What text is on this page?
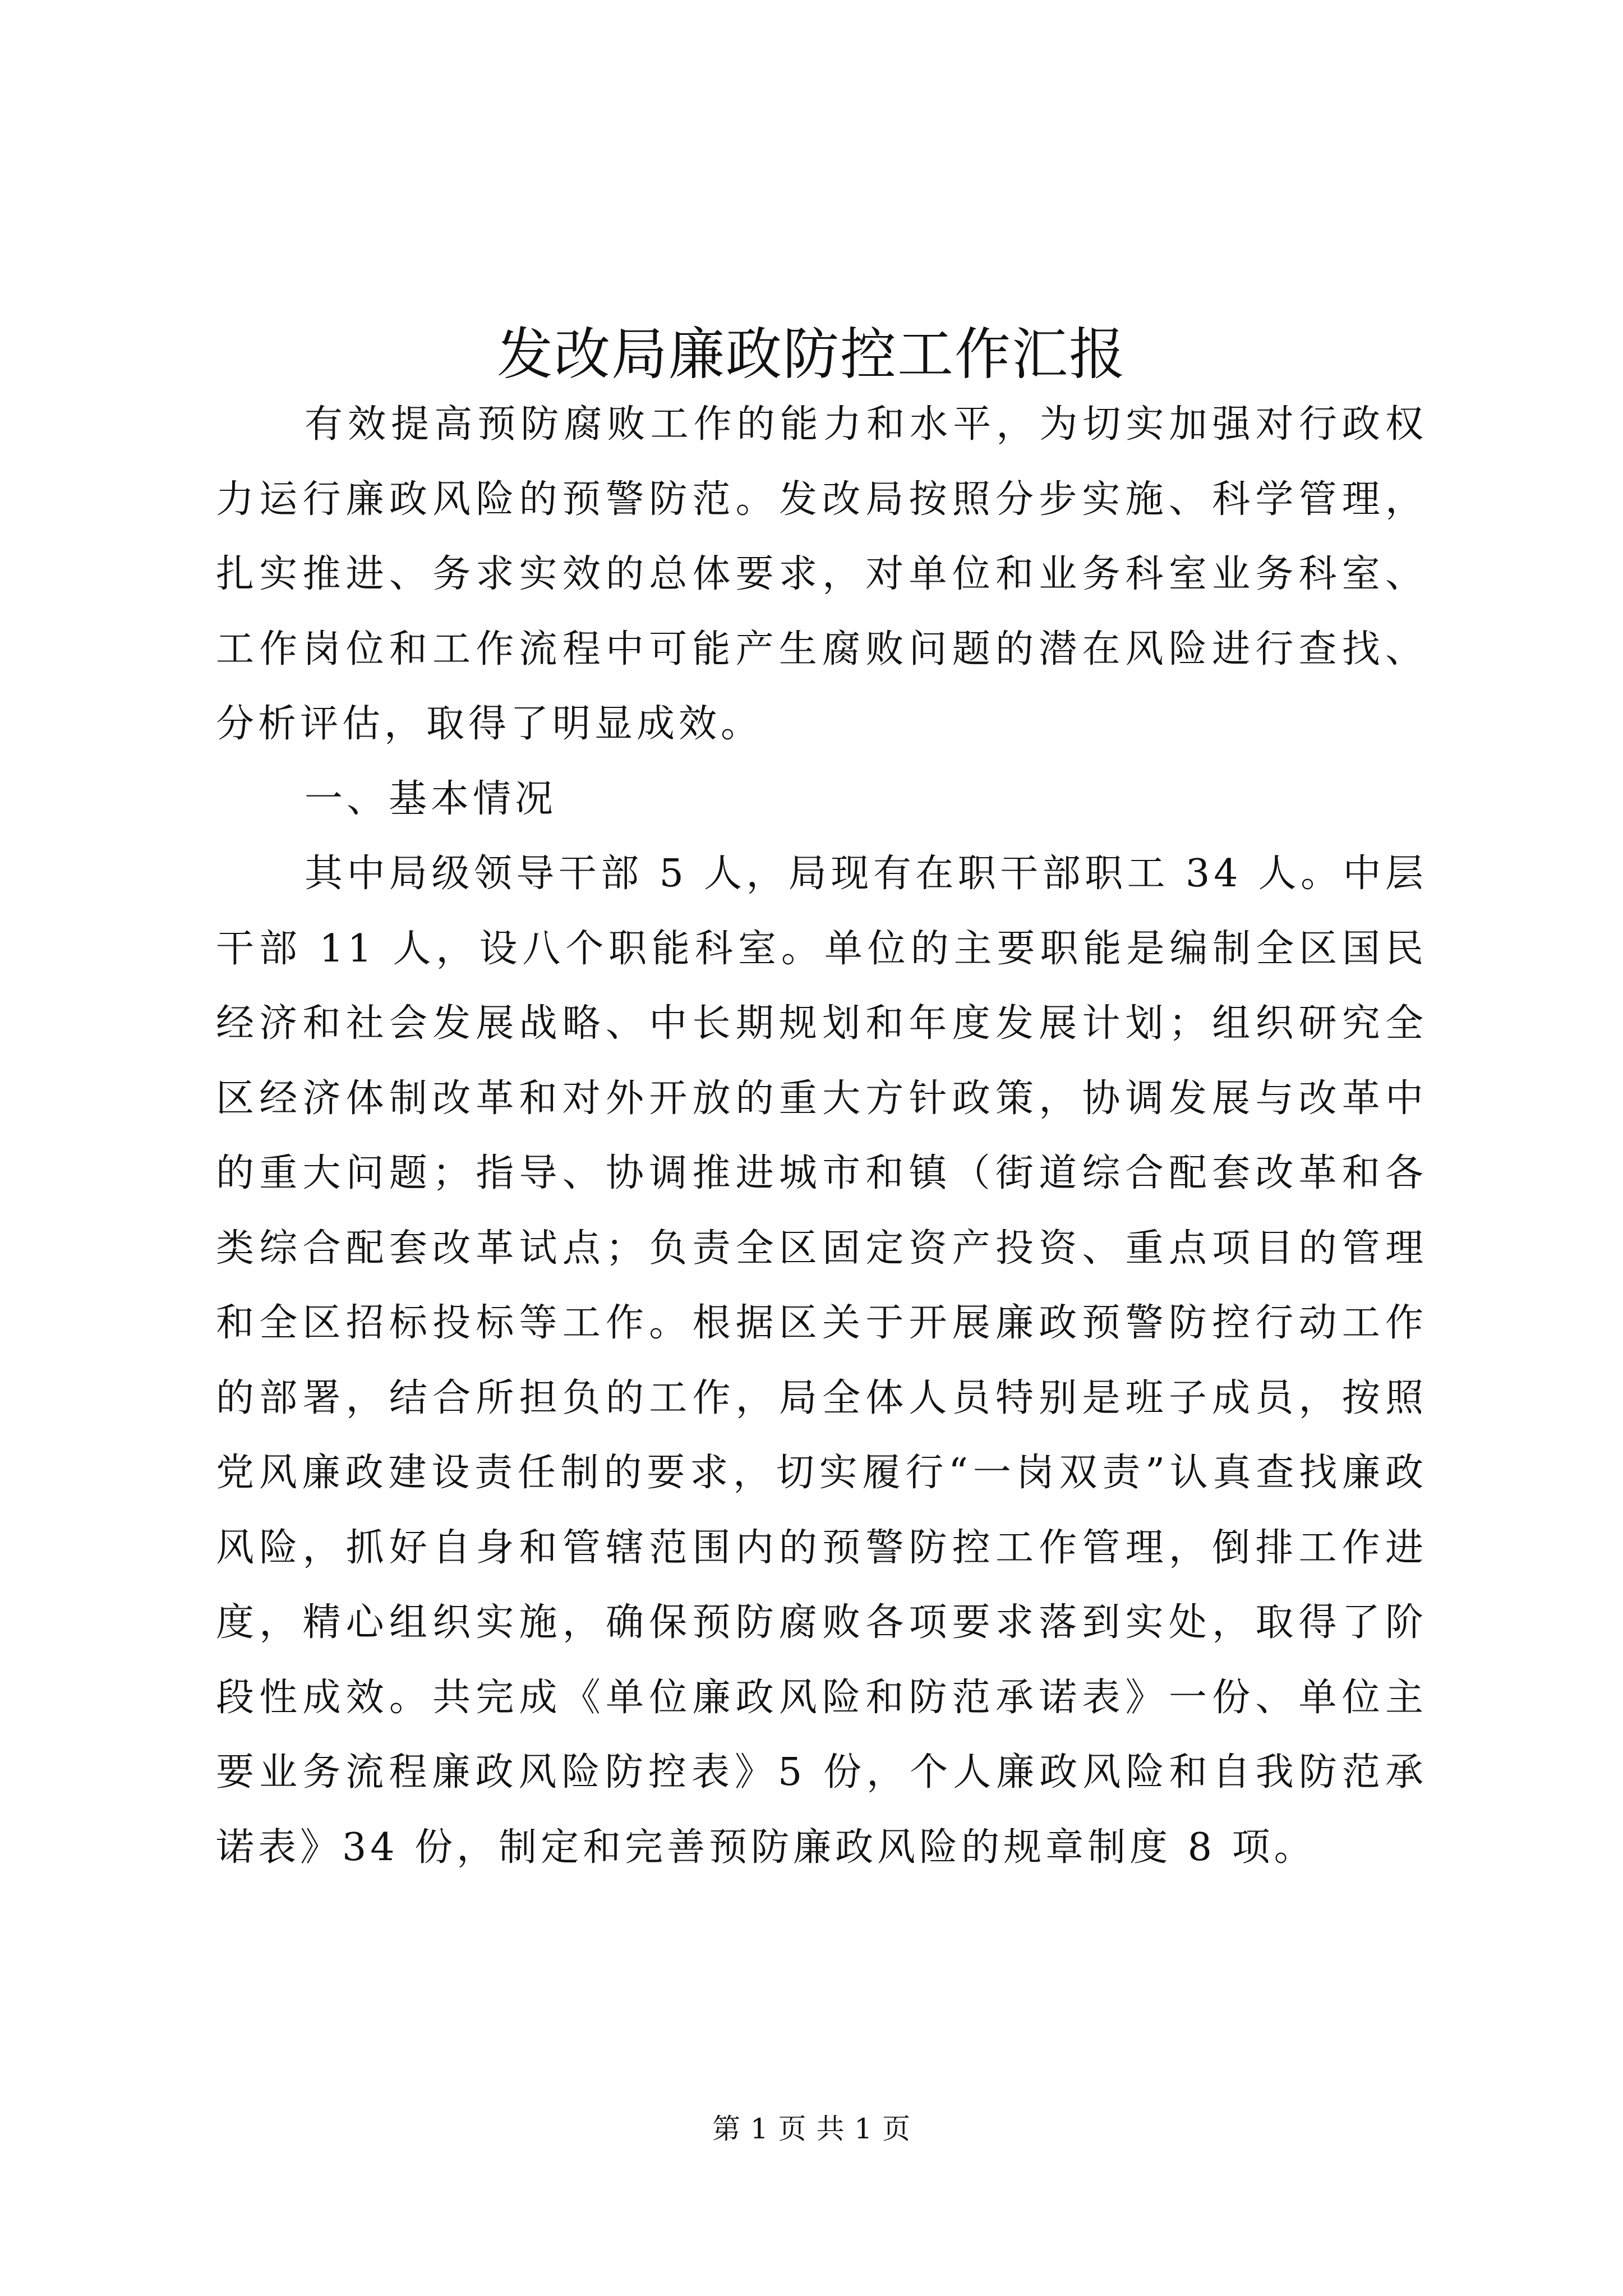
发改局廉政防控工作汇报

有效提高预防腐败工作的能力和水平，为切实加强对行政权力运行廉政风险的预警防范。发改局按照分步实施、科学管理，扎实推进、务求实效的总体要求，对单位和业务科室业务科室、工作岗位和工作流程中可能产生腐败问题的潜在风险进行查找、分析评估，取得了明显成效。

一、基本情况

其中局级领导干部 5 人，局现有在职干部职工 34 人。中层干部 11 人，设八个职能科室。单位的主要职能是编制全区国民经济和社会发展战略、中长期规划和年度发展计划；组织研究全区经济体制改革和对外开放的重大方针政策，协调发展与改革中的重大问题；指导、协调推进城市和镇（街道综合配套改革和各类综合配套改革试点；负责全区固定资产投资、重点项目的管理和全区招标投标等工作。根据区关于开展廉政预警防控行动工作的部署，结合所担负的工作，局全体人员特别是班子成员，按照党风廉政建设责任制的要求，切实履行“一岗双责”认真查找廉政风险，抓好自身和管辖范围内的预警防控工作管理，倒排工作进度，精心组织实施，确保预防腐败各项要求落到实处，取得了阶段性成效。共完成《单位廉政风险和防范承诺表》一份、单位主要业务流程廉政风险防控表》5 份，个人廉政风险和自我防范承诺表》34 份，制定和完善预防廉政风险的规章制度 8 项。

第 1 页 共 1 页
